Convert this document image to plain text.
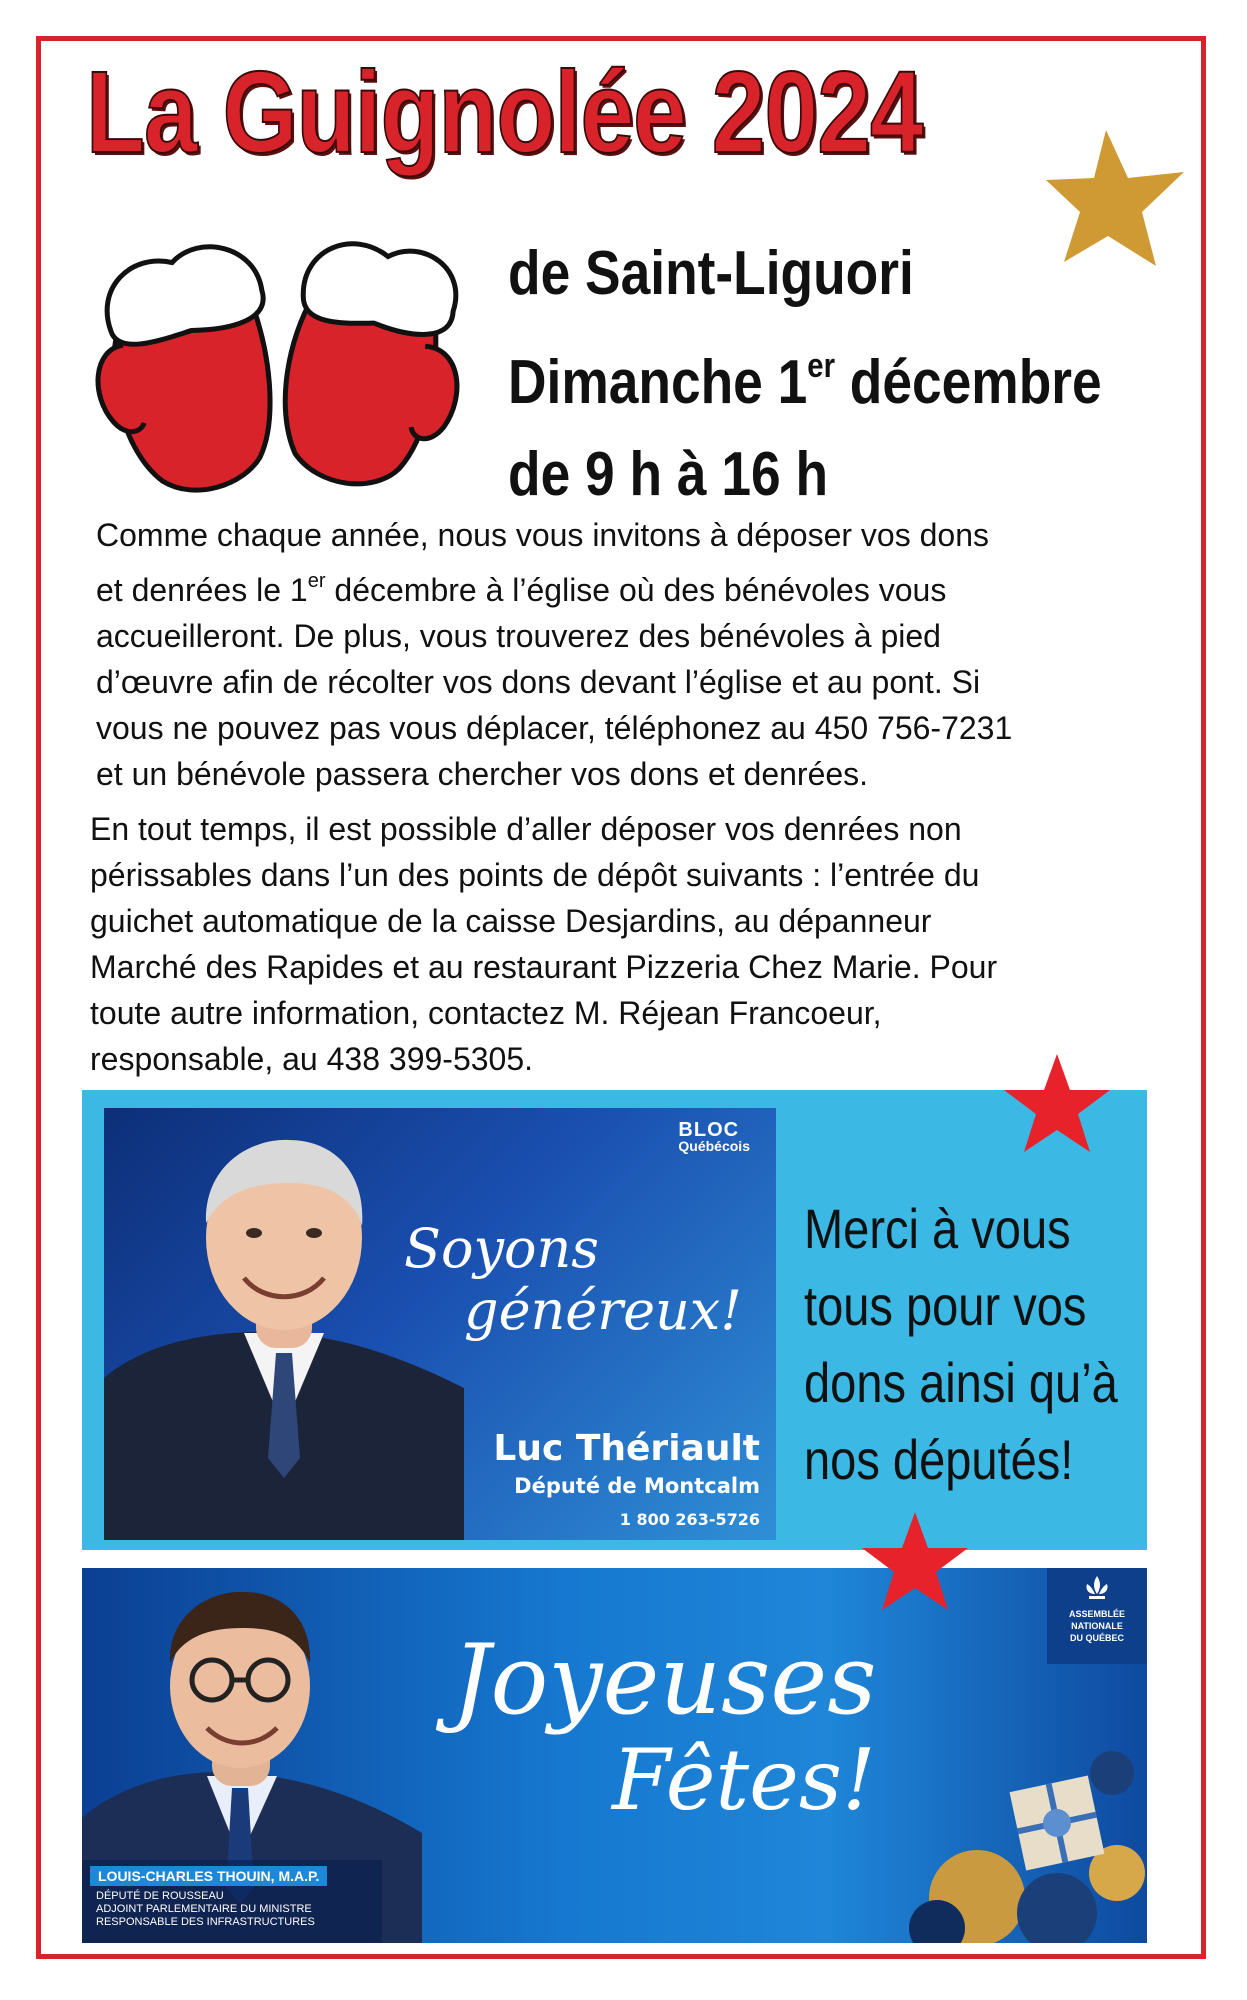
La Guignolée 2024
de Saint-Liguori
Dimanche 1er décembre
de 9 h à 16 h
Comme chaque année, nous vous invitons à déposer vos dons
et denrées le 1er décembre à l’église où des bénévoles vous
accueilleront. De plus, vous trouverez des bénévoles à pied
d’œuvre afin de récolter vos dons devant l’église et au pont. Si
vous ne pouvez pas vous déplacer, téléphonez au 450 756-7231
et un bénévole passera chercher vos dons et denrées.
En tout temps, il est possible d’aller déposer vos denrées non
périssables dans l’un des points de dépôt suivants : l’entrée du
guichet automatique de la caisse Desjardins, au dépanneur
Marché des Rapides et au restaurant Pizzeria Chez Marie. Pour
toute autre information, contactez M. Réjean Francoeur,
responsable, au 438 399-5305.
BLOC
Québécois
Soyons
généreux!
Luc Thériault
Député de Montcalm
1 800 263-5726
Merci à vous
tous pour vos
dons ainsi qu’à
nos députés!
LOUIS-CHARLES THOUIN, M.A.P.
DÉPUTÉ DE ROUSSEAU
ADJOINT PARLEMENTAIRE DU MINISTRE
RESPONSABLE DES INFRASTRUCTURES
Joyeuses
Fêtes!
ASSEMBLÉE
NATIONALE
DU QUÉBEC
